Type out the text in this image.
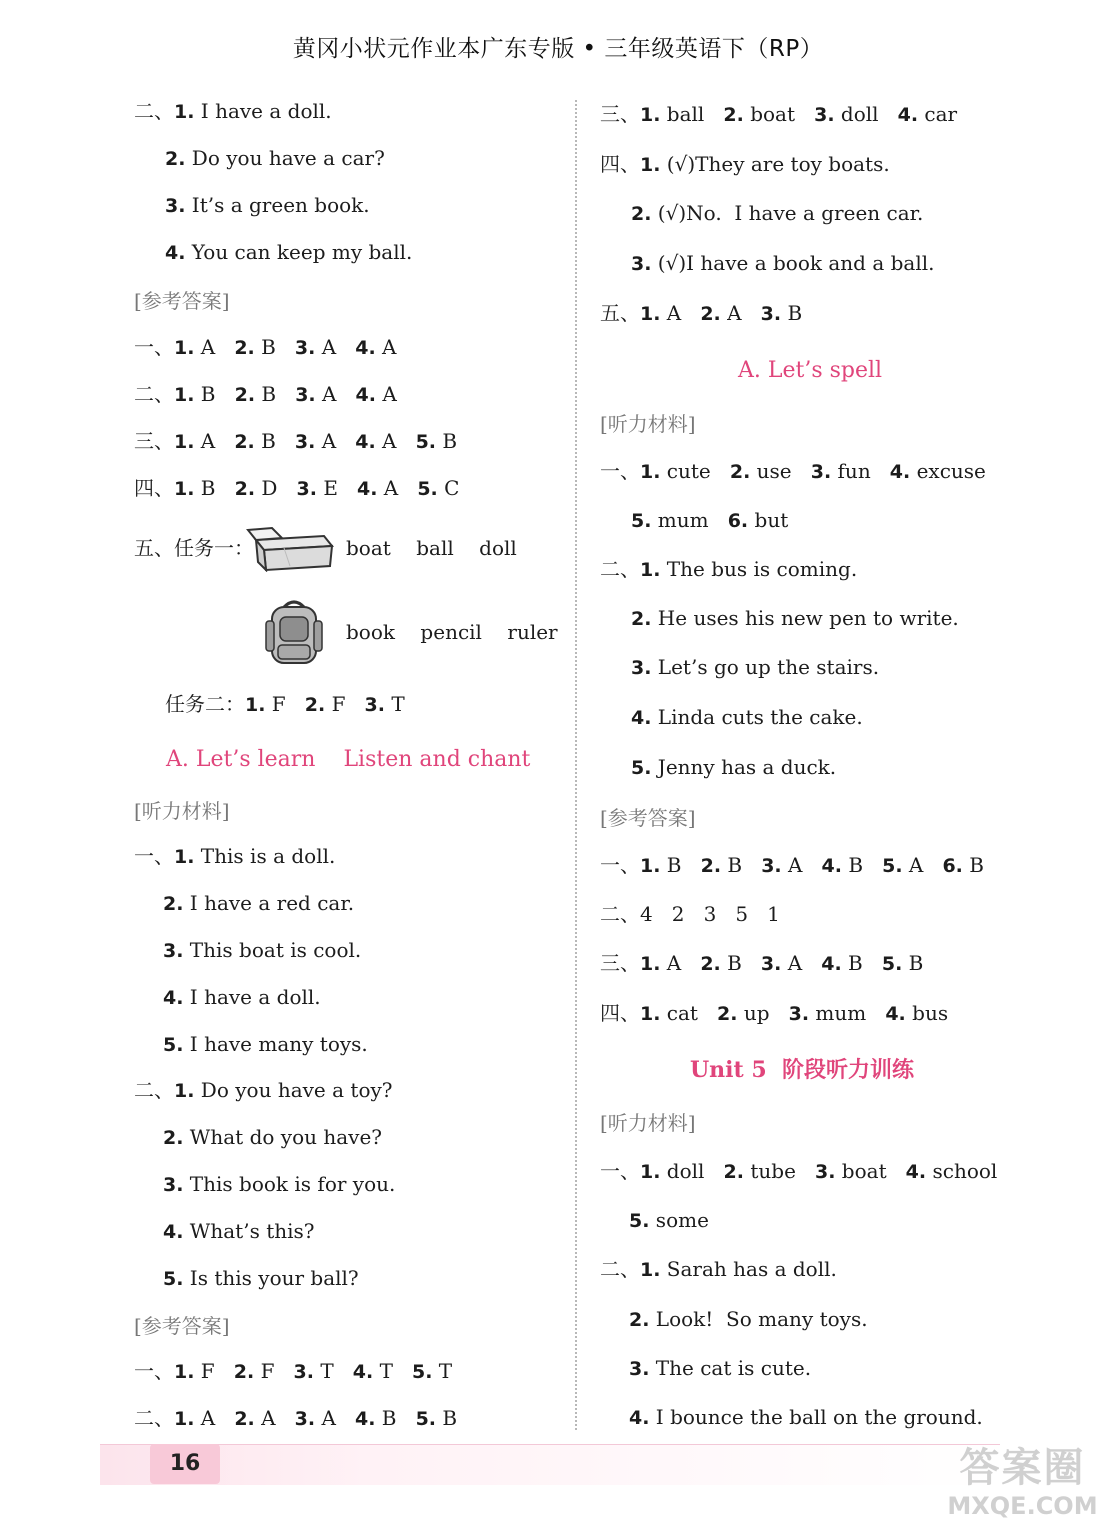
黄冈小状元作业本广东专版 • 三年级英语下（RP）
二、1. I have a doll.
2. Do you have a car?
3. It’s a green book.
4. You can keep my ball.
[参考答案]
一、1. A   2. B   3. A   4. A
二、1. B   2. B   3. A   4. A
三、1. A   2. B   3. A   4. A   5. B
四、1. B   2. D   3. E   4. A   5. C
五、任务一：	boat    ball    doll
book    pencil    ruler
任务二：1. F   2. F   3. T
A. Let’s learn    Listen and chant
[听力材料]
一、1. This is a doll.
2. I have a red car.
3. This boat is cool.
4. I have a doll.
5. I have many toys.
二、1. Do you have a toy?
2. What do you have?
3. This book is for you.
4. What’s this?
5. Is this your ball?
[参考答案]
一、1. F   2. F   3. T   4. T   5. T
二、1. A   2. A   3. A   4. B   5. B
三、1. ball   2. boat   3. doll   4. car
四、1. (√)They are toy boats.
2. (√)No.  I have a green car.
3. (√)I have a book and a ball.
五、1. A   2. A   3. B
A. Let’s spell
[听力材料]
一、1. cute   2. use   3. fun   4. excuse
5. mum   6. but
二、1. The bus is coming.
2. He uses his new pen to write.
3. Let’s go up the stairs.
4. Linda cuts the cake.
5. Jenny has a duck.
[参考答案]
一、1. B   2. B   3. A   4. B   5. A   6. B
二、4   2   3   5   1
三、1. A   2. B   3. A   4. B   5. B
四、1. cat   2. up   3. mum   4. bus
Unit 5  阶段听力训练
[听力材料]
一、1. doll   2. tube   3. boat   4. school
5. some
二、1. Sarah has a doll.
2. Look!  So many toys.
3. The cat is cute.
4. I bounce the ball on the ground.
16	答案圈
MXQE.COM
